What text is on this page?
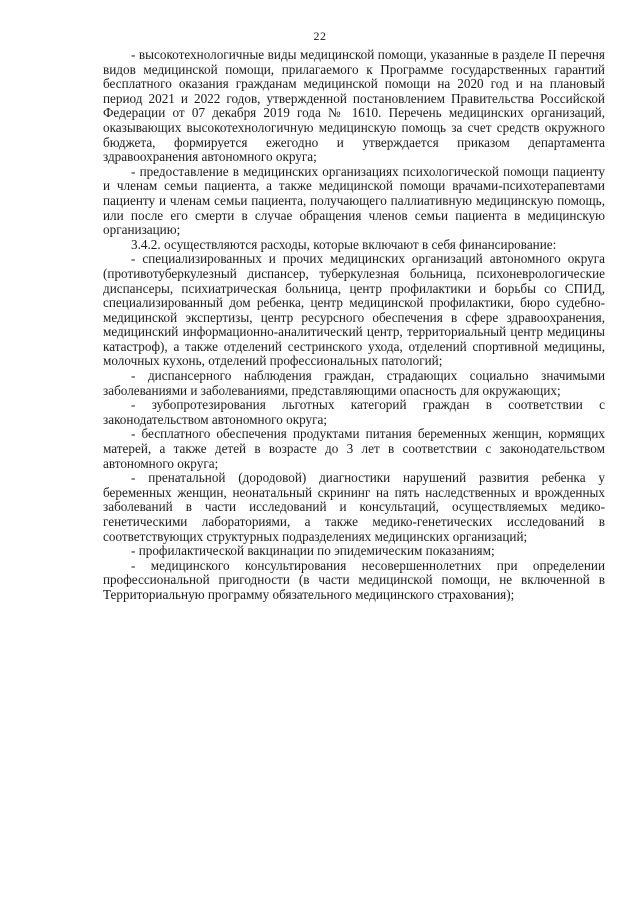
22

- высокотехнологичные виды медицинской помощи, указанные в разделе II перечня видов медицинской помощи, прилагаемого к Программе государственных гарантий бесплатного оказания гражданам медицинской помощи на 2020 год и на плановый период 2021 и 2022 годов, утвержденной постановлением Правительства Российской Федерации от 07 декабря 2019 года № 1610. Перечень медицинских организаций, оказывающих высокотехнологичную медицинскую помощь за счет средств окружного бюджета, формируется ежегодно и утверждается приказом департамента здравоохранения автономного округа;

- предоставление в медицинских организациях психологической помощи пациенту и членам семьи пациента, а также медицинской помощи врачами-психотерапевтами пациенту и членам семьи пациента, получающего паллиативную медицинскую помощь, или после его смерти в случае обращения членов семьи пациента в медицинскую организацию;

3.4.2. осуществляются расходы, которые включают в себя финансирование:

- специализированных и прочих медицинских организаций автономного округа (противотуберкулезный диспансер, туберкулезная больница, психоневрологические диспансеры, психиатрическая больница, центр профилактики и борьбы со СПИД, специализированный дом ребенка, центр медицинской профилактики, бюро судебно-медицинской экспертизы, центр ресурсного обеспечения в сфере здравоохранения, медицинский информационно-аналитический центр, территориальный центр медицины катастроф), а также отделений сестринского ухода, отделений спортивной медицины, молочных кухонь, отделений профессиональных патологий;

- диспансерного наблюдения граждан, страдающих социально значимыми заболеваниями и заболеваниями, представляющими опасность для окружающих;

- зубопротезирования льготных категорий граждан в соответствии с законодательством автономного округа;

- бесплатного обеспечения продуктами питания беременных женщин, кормящих матерей, а также детей в возрасте до 3 лет в соответствии с законодательством автономного округа;

- пренатальной (дородовой) диагностики нарушений развития ребенка у беременных женщин, неонатальный скрининг на пять наследственных и врожденных заболеваний в части исследований и консультаций, осуществляемых медико-генетическими лабораториями, а также медико-генетических исследований в соответствующих структурных подразделениях медицинских организаций;

- профилактической вакцинации по эпидемическим показаниям;

- медицинского консультирования несовершеннолетних при определении профессиональной пригодности (в части медицинской помощи, не включенной в Территориальную программу обязательного медицинского страхования);
